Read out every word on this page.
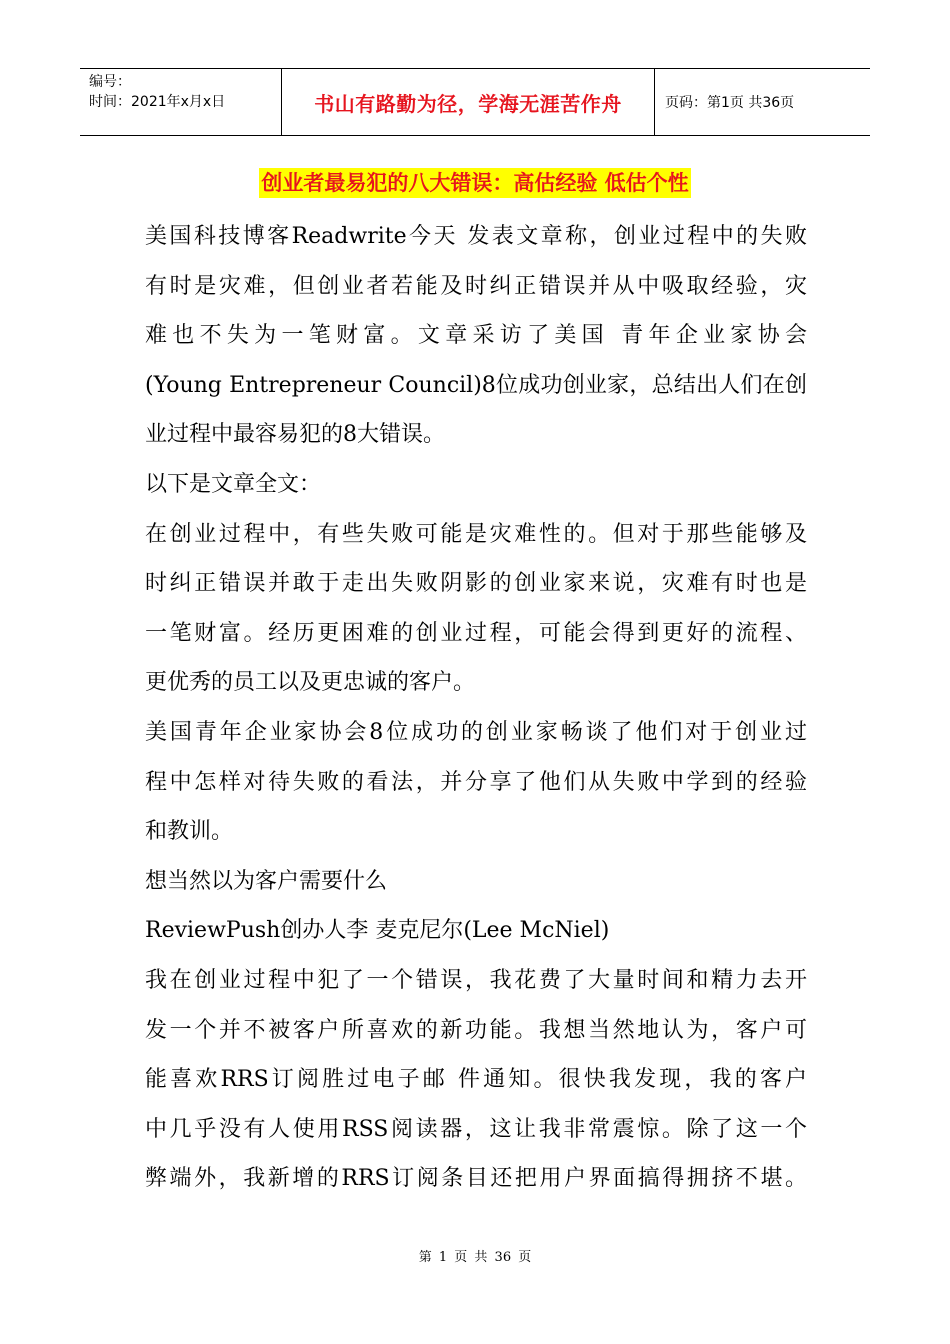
编号：
时间：2021年x月x日	书山有路勤为径，学海无涯苦作舟	页码：第1页 共36页
创业者最易犯的八大错误：高估经验 低估个性
美国科技博客Readwrite今天 发表文章称，创业过程中的失败
有时是灾难，但创业者若能及时纠正错误并从中吸取经验，灾
难也不失为一笔财富。文章采访了美国 青年企业家协会
(Young Entrepreneur Council)8位成功创业家，总结出人们在创
业过程中最容易犯的8大错误。
以下是文章全文：
在创业过程中，有些失败可能是灾难性的。但对于那些能够及
时纠正错误并敢于走出失败阴影的创业家来说，灾难有时也是
一笔财富。经历更困难的创业过程，可能会得到更好的流程、
更优秀的员工以及更忠诚的客户。
美国青年企业家协会8位成功的创业家畅谈了他们对于创业过
程中怎样对待失败的看法，并分享了他们从失败中学到的经验
和教训。
想当然以为客户需要什么
ReviewPush创办人李 麦克尼尔(Lee McNiel)
我在创业过程中犯了一个错误，我花费了大量时间和精力去开
发一个并不被客户所喜欢的新功能。我想当然地认为，客户可
能喜欢RRS订阅胜过电子邮 件通知。很快我发现，我的客户
中几乎没有人使用RSS阅读器，这让我非常震惊。除了这一个
弊端外，我新增的RRS订阅条目还把用户界面搞得拥挤不堪。
第 1 页 共 36 页
